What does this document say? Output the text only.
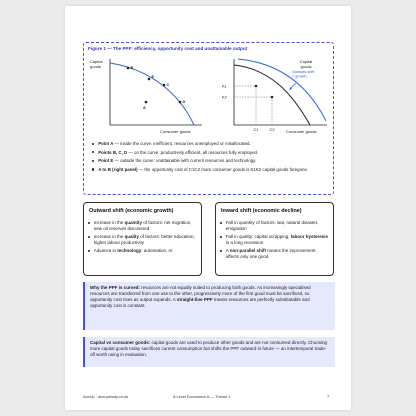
Figure 1 — The PPF: efficiency, opportunity cost and unattainable output
Capital
goods
Consumer goods
B
C
D
A
E
Capital
goods
Consumer goods
K1
K2
C1	C2
Outward shift
= growth
Point A — inside the curve: inefficient, resources unemployed or misallocated.
Points B, C, D — on the curve: productively efficient, all resources fully employed.
Point E — outside the curve: unattainable with current resources and technology.
A to B (right panel) — the opportunity cost of C1C2 more consumer goods is K1K2 capital goods foregone.
Outward shift (economic growth)
Increase in the quantity of factors: net migration, new oil reserves discovered
Increase in the quality of factors: better education, higher labour productivity
Advance in technology: automation, AI
Inward shift (economic decline)
Fall in quantity of factors: war, natural disaster, emigration
Fall in quality: capital scrapping, labour hysteresis in a long recession
A non-parallel shift means the improvement affects only one good
Why the PPF is curved: resources are not equally suited to producing both goods. As increasingly specialised resources are transferred from one use to the other, progressively more of the first good must be sacrificed, so opportunity cost rises as output expands. A straight-line PPF means resources are perfectly substitutable and opportunity cost is constant.
Capital vs consumer goods: capital goods are used to produce other goods and are not consumed directly. Choosing more capital goods today sacrifices current consumption but shifts the PPF outward in future — an intertemporal trade-off worth using in evaluation.
AceUp · aceupstudy.co.uk	A Level Economics A — Theme 1	7
